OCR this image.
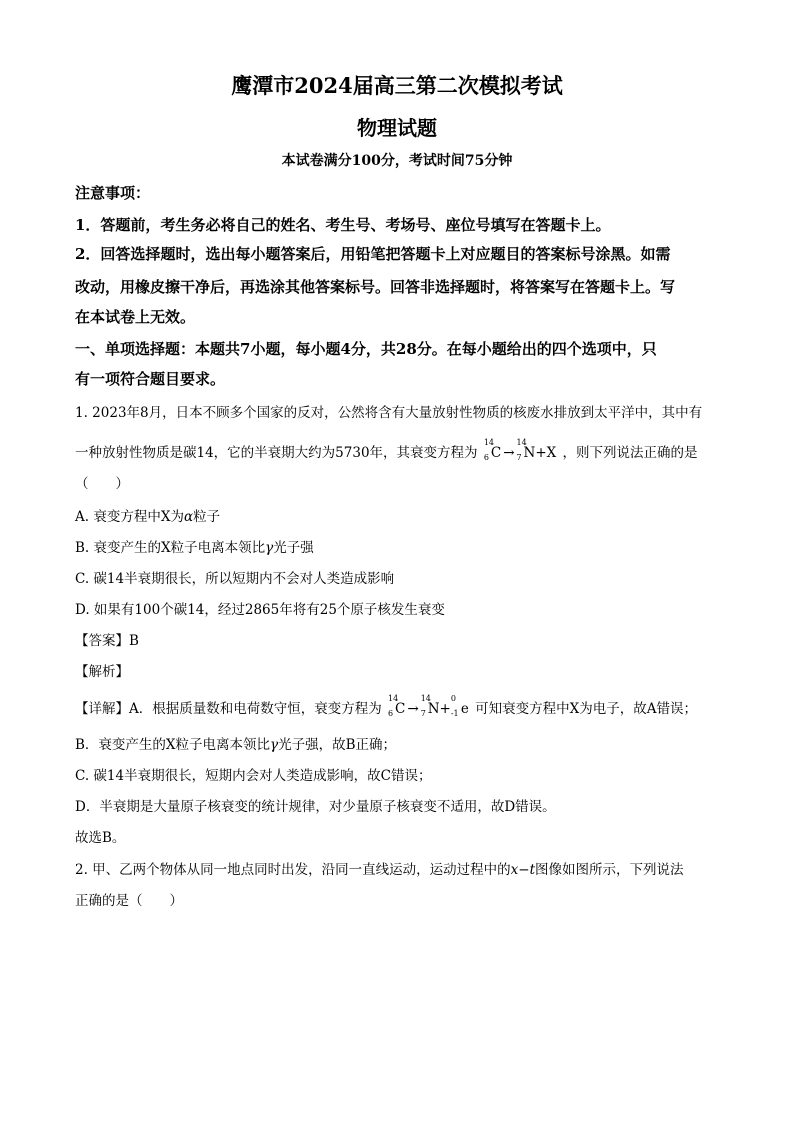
鹰潭市2024届高三第二次模拟考试
物理试题
本试卷满分100分，考试时间75分钟
注意事项：
1．答题前，考生务必将自己的姓名、考生号、考场号、座位号填写在答题卡上。
2．回答选择题时，选出每小题答案后，用铅笔把答题卡上对应题目的答案标号涂黑。如需
改动，用橡皮擦干净后，再选涂其他答案标号。回答非选择题时，将答案写在答题卡上。写
在本试卷上无效。
一、单项选择题：本题共7小题，每小题4分，共28分。在每小题给出的四个选项中，只
有一项符合题目要求。
1. 2023年8月，日本不顾多个国家的反对，公然将含有大量放射性物质的核废水排放到太平洋中，其中有
一种放射性物质是碳14，它的半衰期大约为5730年，其衰变方程为
14
6 C →
14
7 N+X ，则下列说法正确的是
（　　）
A. 衰变方程中X为α粒子
B. 衰变产生的X粒子电离本领比γ光子强
C. 碳14半衰期很长，所以短期内不会对人类造成影响
D. 如果有100个碳14，经过2865年将有25个原子核发生衰变
【答案】B
【解析】
【详解】A．根据质量数和电荷数守恒，衰变方程为
14
6 C →
14
7 N+
0
-1 e 可知衰变方程中X为电子，故A错误；
B．衰变产生的X粒子电离本领比γ光子强，故B正确；
C. 碳14半衰期很长，短期内会对人类造成影响，故C错误；
D．半衰期是大量原子核衰变的统计规律，对少量原子核衰变不适用，故D错误。
故选B。
2. 甲、乙两个物体从同一地点同时出发，沿同一直线运动，运动过程中的x−t图像如图所示，下列说法
正确的是（　　）
